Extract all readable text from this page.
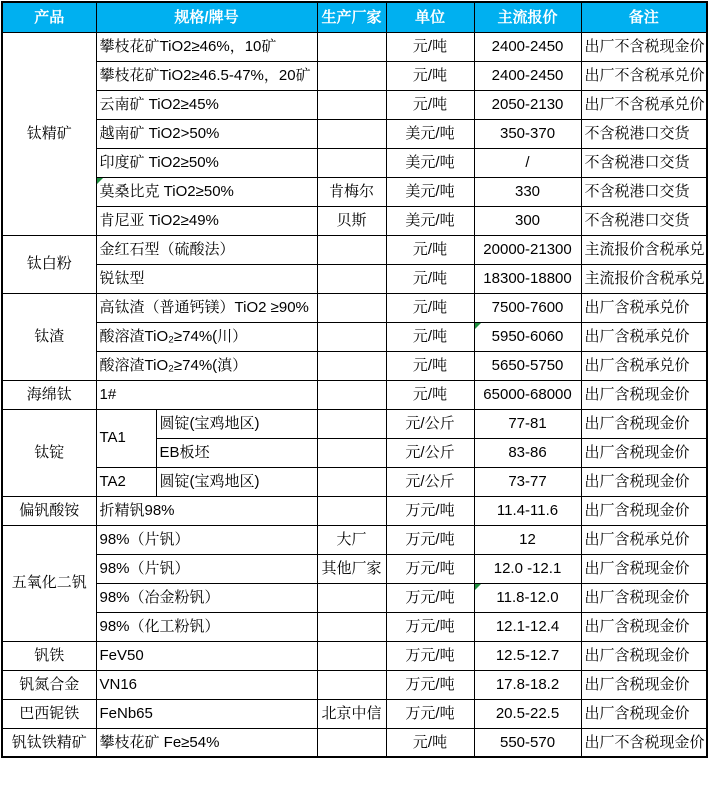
产品	规格/牌号		生产厂家	单位	主流报价	备注
钛精矿	攀枝花矿TiO2≥46%，10矿			元/吨	2400-2450	出厂不含税现金价
	攀枝花矿TiO2≥46.5-47%，20矿			元/吨	2400-2450	出厂不含税承兑价
	云南矿 TiO2≥45%			元/吨	2050-2130	出厂不含税承兑价
	越南矿 TiO2>50%			美元/吨	350-370	不含税港口交货
	印度矿 TiO2≥50%			美元/吨	/	不含税港口交货
	莫桑比克 TiO2≥50%		肯梅尔	美元/吨	330	不含税港口交货
	肯尼亚 TiO2≥49%		贝斯	美元/吨	300	不含税港口交货
钛白粉	金红石型（硫酸法）			元/吨	20000-21300	主流报价含税承兑
	锐钛型			元/吨	18300-18800	主流报价含税承兑
钛渣	高钛渣（普通钙镁）TiO2 ≥90%			元/吨	7500-7600	出厂含税承兑价
	酸溶渣TiO₂≥74%(川）			元/吨	5950-6060	出厂含税承兑价
	酸溶渣TiO₂≥74%(滇）			元/吨	5650-5750	出厂含税承兑价
海绵钛	1#			元/吨	65000-68000	出厂含税现金价
钛锭	TA1	圆锭(宝鸡地区)		元/公斤	77-81	出厂含税现金价
		EB板坯		元/公斤	83-86	出厂含税现金价
	TA2	圆锭(宝鸡地区)		元/公斤	73-77	出厂含税现金价
偏钒酸铵	折精钒98%			万元/吨	11.4-11.6	出厂含税现金价
五氧化二钒	98%（片钒）		大厂	万元/吨	12	出厂含税承兑价
	98%（片钒）		其他厂家	万元/吨	12.0 -12.1	出厂含税现金价
	98%（冶金粉钒）			万元/吨	11.8-12.0	出厂含税现金价
	98%（化工粉钒）			万元/吨	12.1-12.4	出厂含税现金价
钒铁	FeV50			万元/吨	12.5-12.7	出厂含税现金价
钒氮合金	VN16			万元/吨	17.8-18.2	出厂含税现金价
巴西铌铁	FeNb65		北京中信	万元/吨	20.5-22.5	出厂含税现金价
钒钛铁精矿	攀枝花矿 Fe≥54%			元/吨	550-570	出厂不含税现金价
